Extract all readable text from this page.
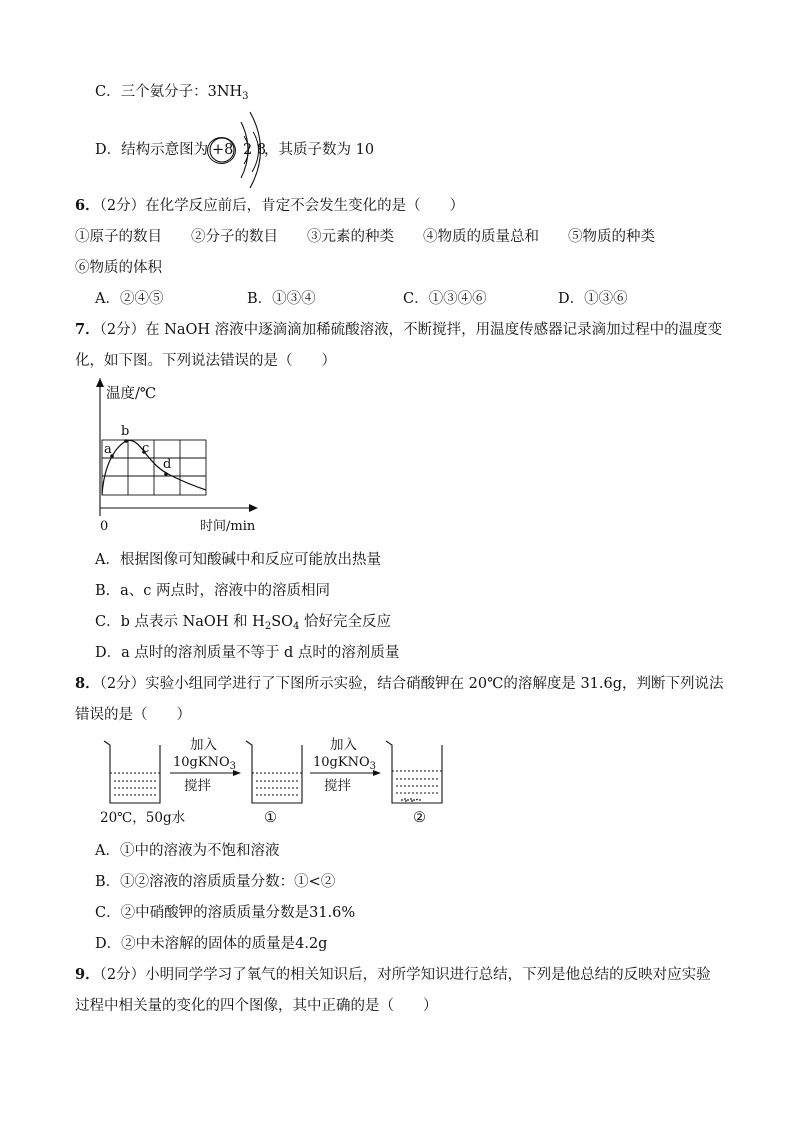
C．三个氨分子：$3NH_3$
D．结构示意图为 +8 2 8
，其质子数为 10
6．（2分）在化学反应前后，肯定不会发生变化的是（　　）
①原子的数目　　②分子的数目　　③元素的种类　　④物质的质量总和　　⑤物质的种类
⑥物质的体积
A．②④⑤	B．①③④	C．①③④⑥	D．①③⑥
7．（2分）在 NaOH 溶液中逐滴滴加稀硫酸溶液，不断搅拌，用温度传感器记录滴加过程中的温度变
化，如下图。下列说法错误的是（　　）
温度/℃
a
b
c
d
0	时间/min
A．根据图像可知酸碱中和反应可能放出热量
B．a、c 两点时，溶液中的溶质相同
C．b 点表示 NaOH 和 $H_2SO_4$ 恰好完全反应
D．a 点时的溶剂质量不等于 d 点时的溶剂质量
8．（2分）实验小组同学进行了下图所示实验，结合硝酸钾在 20℃的溶解度是 31.6g，判断下列说法
错误的是（　　）
加入
10gKNO$_3$
搅拌
加入
10gKNO$_3$
搅拌
20℃，50g水	①	②
A．①中的溶液为不饱和溶液
B．①②溶液的溶质质量分数：①<②
C．②中硝酸钾的溶质质量分数是31.6%
D．②中未溶解的固体的质量是4.2g
9．（2分）小明同学学习了氧气的相关知识后，对所学知识进行总结，下列是他总结的反映对应实验
过程中相关量的变化的四个图像，其中正确的是（　　）
